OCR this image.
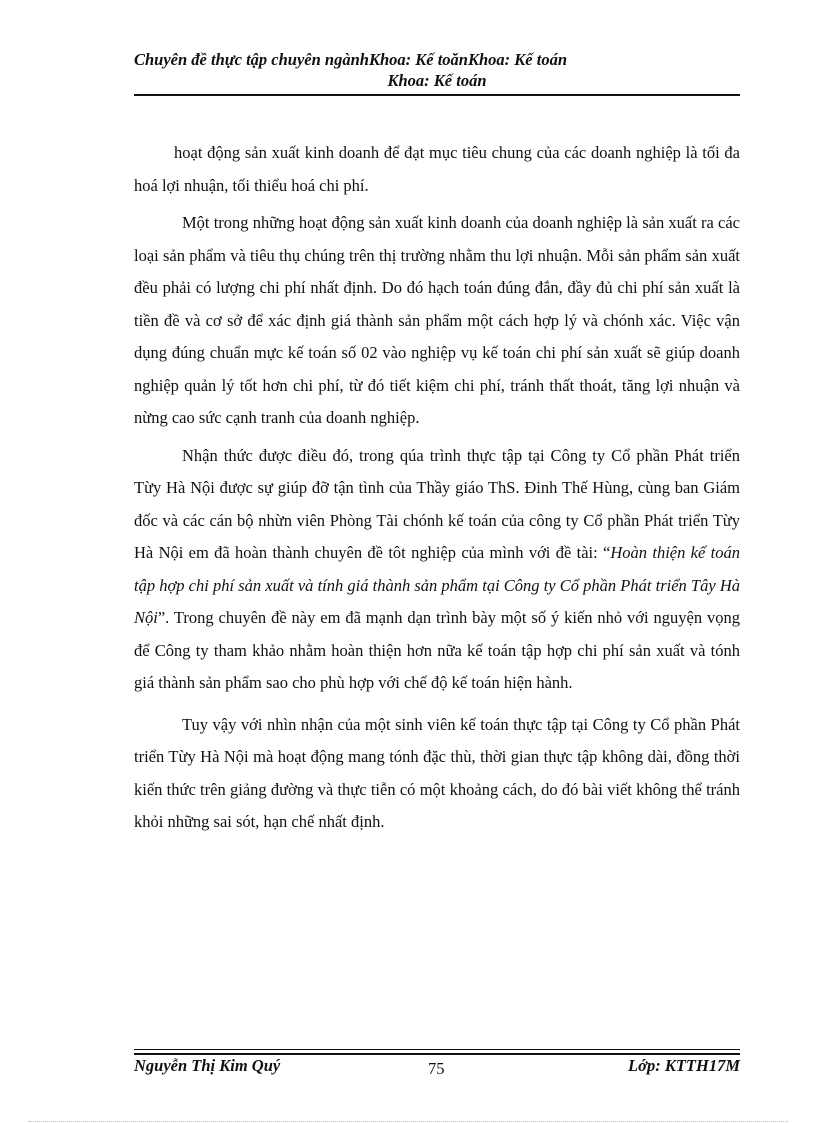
Chuyên đề thực tập chuyên ngànhKhoa: Kế toănKhoa: Kế toán
Khoa: Kế toán

hoạt động sản xuất kinh doanh để đạt mục tiêu chung của các doanh nghiệp là tối đa hoá lợi nhuận, tối thiểu hoá chi phí.

Một trong những hoạt động sản xuất kinh doanh của doanh nghiệp là sản xuất ra các loại sản phẩm và tiêu thụ chúng trên thị trường nhằm thu lợi nhuận. Mỗi sản phẩm sản xuất đều phải có lượng chi phí nhất định. Do đó hạch toán đúng đắn, đầy đủ chi phí sản xuất là tiền đề và cơ sở để xác định giá thành sản phẩm một cách hợp lý và chónh xác. Việc vận dụng đúng chuẩn mực kế toán số 02 vào nghiệp vụ kế toán chi phí sản xuất sẽ giúp doanh nghiệp quản lý tốt hơn chi phí, từ đó tiết kiệm chi phí, tránh thất thoát, tăng lợi nhuận và nừng cao sức cạnh tranh của doanh nghiệp.

Nhận thức được điều đó, trong qúa trình thực tập tại Công ty Cổ phần Phát triển Từy Hà Nội được sự giúp đỡ tận tình của Thầy giáo ThS. Đinh Thế Hùng, cùng ban Giám đốc và các cán bộ nhừn viên Phòng Tài chónh kế toán của công ty Cổ phần Phát triển Từy Hà Nội em đã hoàn thành chuyên đề tôt nghiệp của mình với đề tài: “Hoàn thiện kế toán tập hợp chi phí sản xuất và tính giá thành sản phẩm tại Công ty Cổ phần Phát triển Tây Hà Nội”. Trong chuyên đề này em đã mạnh dạn trình bày một số ý kiến nhỏ với nguyện vọng để Công ty tham khảo nhằm hoàn thiện hơn nữa kế toán tập hợp chi phí sản xuất và tónh giá thành sản phẩm sao cho phù hợp với chế độ kế toán hiện hành.

Tuy vậy với nhìn nhận của một sinh viên kế toán thực tập tại Công ty Cổ phần Phát triển Từy Hà Nội mà hoạt động mang tónh đặc thù, thời gian thực tập không dài, đồng thời kiến thức trên giảng đường và thực tiễn có một khoảng cách, do đó bài viết không thể tránh khỏi những sai sót, hạn chế nhất định.

Nguyễn Thị Kim Quý	75	Lớp: KTTH17M
